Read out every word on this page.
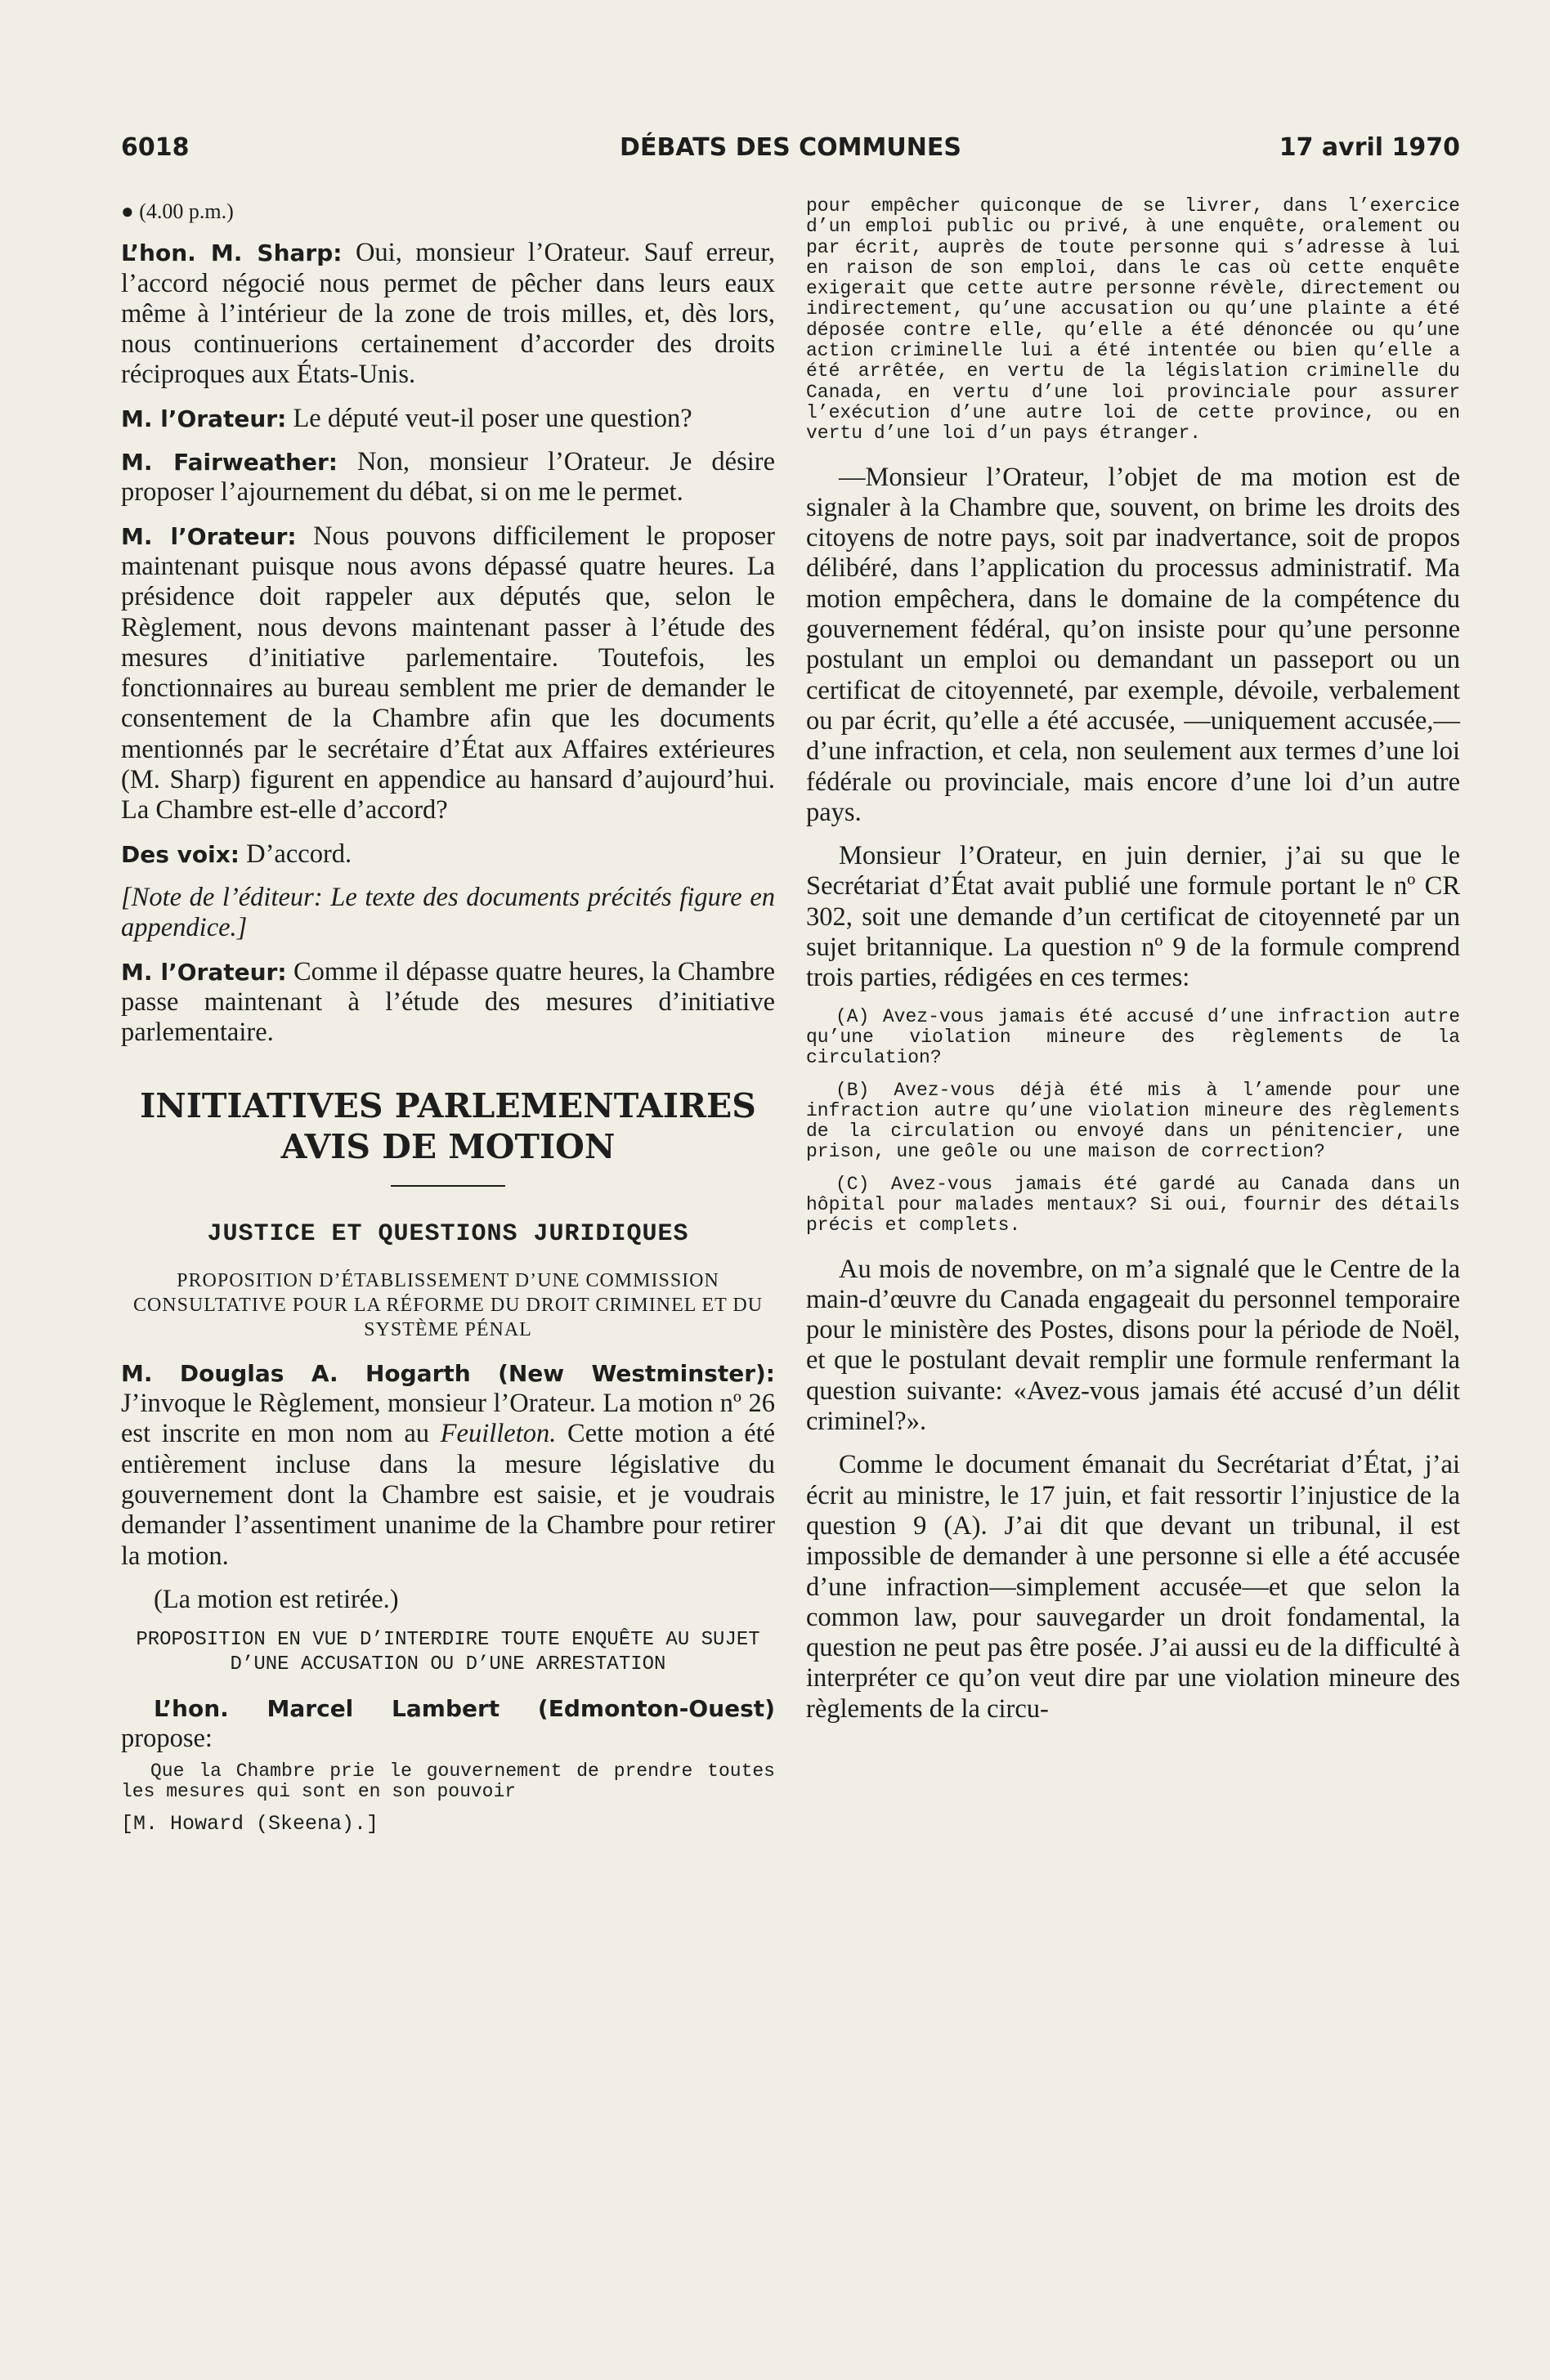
6018	DÉBATS DES COMMUNES	17 avril 1970

● (4.00 p.m.)

L’hon. M. Sharp: Oui, monsieur l’Orateur. Sauf erreur, l’accord négocié nous permet de pêcher dans leurs eaux même à l’intérieur de la zone de trois milles, et, dès lors, nous continuerions certainement d’accorder des droits réciproques aux États-Unis.

M. l’Orateur: Le député veut-il poser une question?

M. Fairweather: Non, monsieur l’Orateur. Je désire proposer l’ajournement du débat, si on me le permet.

M. l’Orateur: Nous pouvons difficilement le proposer maintenant puisque nous avons dépassé quatre heures. La présidence doit rappeler aux députés que, selon le Règlement, nous devons maintenant passer à l’étude des mesures d’initiative parlementaire. Toutefois, les fonctionnaires au bureau semblent me prier de demander le consentement de la Chambre afin que les documents mentionnés par le secrétaire d’État aux Affaires extérieures (M. Sharp) figurent en appendice au hansard d’aujourd’hui. La Chambre est-elle d’accord?

Des voix: D’accord.

[Note de l’éditeur: Le texte des documents précités figure en appendice.]

M. l’Orateur: Comme il dépasse quatre heures, la Chambre passe maintenant à l’étude des mesures d’initiative parlementaire.

INITIATIVES PARLEMENTAIRES
AVIS DE MOTION

JUSTICE ET QUESTIONS JURIDIQUES

PROPOSITION D’ÉTABLISSEMENT D’UNE COMMISSION CONSULTATIVE POUR LA RÉFORME DU DROIT CRIMINEL ET DU SYSTÈME PÉNAL

M. Douglas A. Hogarth (New Westminster): J’invoque le Règlement, monsieur l’Orateur. La motion nº 26 est inscrite en mon nom au Feuilleton. Cette motion a été entièrement incluse dans la mesure législative du gouvernement dont la Chambre est saisie, et je voudrais demander l’assentiment unanime de la Chambre pour retirer la motion.

(La motion est retirée.)

PROPOSITION EN VUE D’INTERDIRE TOUTE ENQUÊTE AU SUJET D’UNE ACCUSATION OU D’UNE ARRESTATION

L’hon. Marcel Lambert (Edmonton-Ouest) propose:

Que la Chambre prie le gouvernement de prendre toutes les mesures qui sont en son pouvoir

[M. Howard (Skeena).]

pour empêcher quiconque de se livrer, dans l’exercice d’un emploi public ou privé, à une enquête, oralement ou par écrit, auprès de toute personne qui s’adresse à lui en raison de son emploi, dans le cas où cette enquête exigerait que cette autre personne révèle, directement ou indirectement, qu’une accusation ou qu’une plainte a été déposée contre elle, qu’elle a été dénoncée ou qu’une action criminelle lui a été intentée ou bien qu’elle a été arrêtée, en vertu de la législation criminelle du Canada, en vertu d’une loi provinciale pour assurer l’exécution d’une autre loi de cette province, ou en vertu d’une loi d’un pays étranger.

—Monsieur l’Orateur, l’objet de ma motion est de signaler à la Chambre que, souvent, on brime les droits des citoyens de notre pays, soit par inadvertance, soit de propos délibéré, dans l’application du processus administratif. Ma motion empêchera, dans le domaine de la compétence du gouvernement fédéral, qu’on insiste pour qu’une personne postulant un emploi ou demandant un passeport ou un certificat de citoyenneté, par exemple, dévoile, verbalement ou par écrit, qu’elle a été accusée, —uniquement accusée,—d’une infraction, et cela, non seulement aux termes d’une loi fédérale ou provinciale, mais encore d’une loi d’un autre pays.

Monsieur l’Orateur, en juin dernier, j’ai su que le Secrétariat d’État avait publié une formule portant le nº CR 302, soit une demande d’un certificat de citoyenneté par un sujet britannique. La question nº 9 de la formule comprend trois parties, rédigées en ces termes:

(A) Avez-vous jamais été accusé d’une infraction autre qu’une violation mineure des règlements de la circulation?

(B) Avez-vous déjà été mis à l’amende pour une infraction autre qu’une violation mineure des règlements de la circulation ou envoyé dans un pénitencier, une prison, une geôle ou une maison de correction?

(C) Avez-vous jamais été gardé au Canada dans un hôpital pour malades mentaux? Si oui, fournir des détails précis et complets.

Au mois de novembre, on m’a signalé que le Centre de la main-d’œuvre du Canada engageait du personnel temporaire pour le ministère des Postes, disons pour la période de Noël, et que le postulant devait remplir une formule renfermant la question suivante: «Avez-vous jamais été accusé d’un délit criminel?».

Comme le document émanait du Secrétariat d’État, j’ai écrit au ministre, le 17 juin, et fait ressortir l’injustice de la question 9 (A). J’ai dit que devant un tribunal, il est impossible de demander à une personne si elle a été accusée d’une infraction—simplement accusée—et que selon la common law, pour sauvegarder un droit fondamental, la question ne peut pas être posée. J’ai aussi eu de la difficulté à interpréter ce qu’on veut dire par une violation mineure des règlements de la circu-
